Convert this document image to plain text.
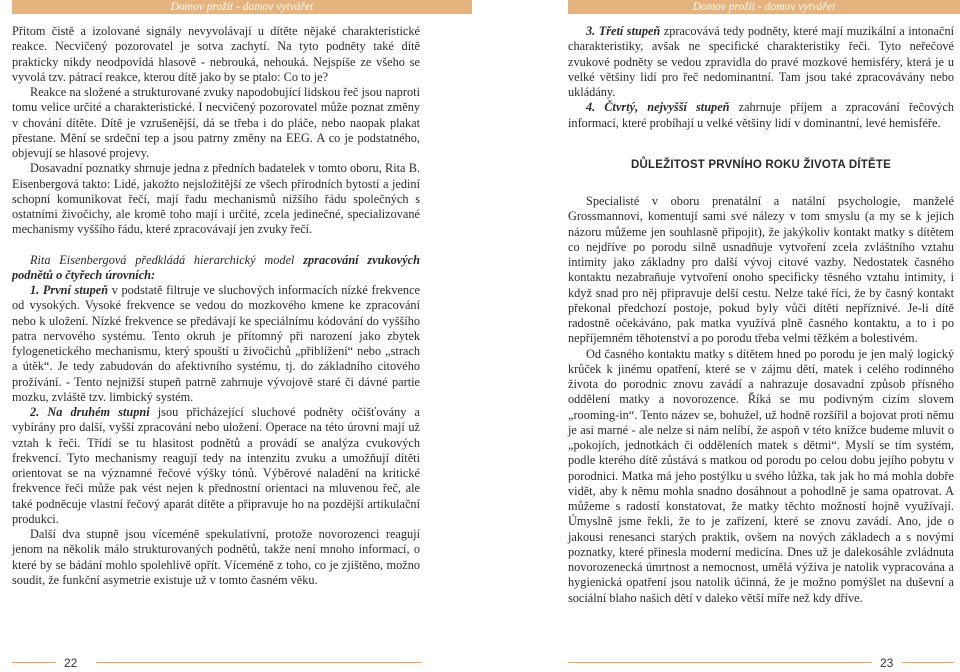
Domov prožít - domov vytvářet

Přitom čistě a izolované signály nevyvolávají u dítěte nějaké charakteristické reakce. Necvičený pozorovatel je sotva zachytí. Na tyto podněty také dítě prakticky nikdy neodpovídá hlasově - nebrouká, nehouká. Nejspíše ze všeho se vyvolá tzv. pátrací reakce, kterou dítě jako by se ptalo: Co to je?

Reakce na složené a strukturované zvuky napodobující lidskou řeč jsou naproti tomu velice určité a charakteristické. I necvičený pozorovatel může poznat změny v chování dítěte. Dítě je vzrušenější, dá se třeba i do pláče, nebo naopak plakat přestane. Mění se srdeční tep a jsou patrny změny na EEG. A co je podstatného, objevují se hlasové projevy.

Dosavadní poznatky shrnuje jedna z předních badatelek v tomto oboru, Rita B. Eisenbergová takto: Lidé, jakožto nejsložitější ze všech přírodních bytostí a jediní schopní komunikovat řečí, mají řadu mechanismů nižšího řádu společných s ostatními živočichy, ale kromě toho mají i určité, zcela jedinečné, specializované mechanismy vyššího řádu, které zpracovávají jen zvuky řečí.

Rita Eisenbergová předkládá hierarchický model zpracování zvukových podnětů o čtyřech úrovních:

1. První stupeň v podstatě filtruje ve sluchových informacích nízké frekvence od vysokých. Vysoké frekvence se vedou do mozkového kmene ke zpracování nebo k uložení. Nízké frekvence se předávají ke speciálnímu kódování do vyššího patra nervového systému. Tento okruh je přítomný při narození jako zbytek fylogenetického mechanismu, který spouští u živočichů „přiblížení“ nebo „strach a útěk“. Je tedy zabudován do afektivního systému, tj. do základního citového prožívání. - Tento nejnižší stupeň patrně zahrnuje vývojově staré či dávné partie mozku, zvláště tzv. limbický systém.

2. Na druhém stupni jsou přicházející sluchové podněty očišťovány a vybírány pro další, vyšší zpracování nebo uložení. Operace na této úrovni mají už vztah k řeči. Třídí se tu hlasitost podnětů a provádí se analýza cvukových frekvencí. Tyto mechanismy reagují tedy na intenzitu zvuku a umožňují dítěti orientovat se na významné řečové výšky tónů. Výběrové naladění na kritické frekvence řeči může pak vést nejen k přednostní orientaci na mluvenou řeč, ale také podněcuje vlastní řečový aparát dítěte a připravuje ho na pozdější artikulační produkci.

Další dva stupně jsou víceméně spekulativní, protože novorozenci reagují jenom na několik málo strukturovaných podnětů, takže není mnoho informací, o které by se bádání mohlo spolehlivě opřít. Víceméně z toho, co je zjištěno, možno soudit, že funkční asymetrie existuje už v tomto časném věku.

22
Domov prožít - domov vytvářet

3. Třetí stupeň zpracovává tedy podněty, které mají muzikální a intonační charakteristiky, avšak ne specifické charakteristiky řeči. Tyto neřečové zvukové podněty se vedou zpravidla do pravé mozkové hemisféry, která je u velké většiny lidí pro řeč nedominantní. Tam jsou také zpracovávány nebo ukládány.

4. Čtvrtý, nejvyšší stupeň zahrnuje příjem a zpracování řečových informací, které probíhají u velké většiny lidí v dominantní, levé hemisféře.

DŮLEŽITOST PRVNÍHO ROKU ŽIVOTA DÍTĚTE

Specialisté v oboru prenatální a natální psychologie, manželé Grossmannovi, komentují sami své nálezy v tom smyslu (a my se k jejich názoru můžeme jen souhlasně připojit), že jakýkoliv kontakt matky s dítětem co nejdříve po porodu silně usnadňuje vytvoření zcela zvláštního vztahu intimity jako základny pro další vývoj citové vazby. Nedostatek časného kontaktu nezabraňuje vytvoření onoho specificky těsného vztahu intimity, i když snad pro něj připravuje delší cestu. Nelze také říci, že by časný kontakt překonal předchozí postoje, pokud byly vůči dítěti nepříznivé. Je-li dítě radostně očekáváno, pak matka využívá plně časného kontaktu, a to i po nepříjemném těhotenství a po porodu třeba velmi těžkém a bolestivém.

Od časného kontaktu matky s dítětem hned po porodu je jen malý logický krůček k jinému opatření, které se v zájmu dětí, matek i celého rodinného života do porodnic znovu zavádí a nahrazuje dosavadní způsob přísného oddělení matky a novorozence. Říká se mu podivným cizím slovem „rooming-in“. Tento název se, bohužel, už hodně rozšířil a bojovat proti němu je asi marné - ale nelze si nám nelíbí, že aspoň v této knížce budeme mluvit o „pokojích, jednotkách či odděleních matek s dětmi“. Myslí se tím systém, podle kterého dítě zůstává s matkou od porodu po celou dobu jejího pobytu v porodnici. Matka má jeho postýlku u svého lůžka, tak jak ho má mohla dobře vidět, aby k němu mohla snadno dosáhnout a pohodlně je sama opatrovat. A můžeme s radostí konstatovat, že matky těchto možností hojně využívají. Úmyslně jsme řekli, že to je zařízení, které se znovu zavádí. Ano, jde o jakousi renesanci starých praktik, ovšem na nových základech a s novými poznatky, které přinesla moderní medicína. Dnes už je dalekosáhle zvládnuta novorozenecká úmrtnost a nemocnost, umělá výživa je natolik vypracována a hygienická opatření jsou natolik účinná, že je možno pomýšlet na duševní a sociální blaho našich dětí v daleko větší míře než kdy dříve.

23
